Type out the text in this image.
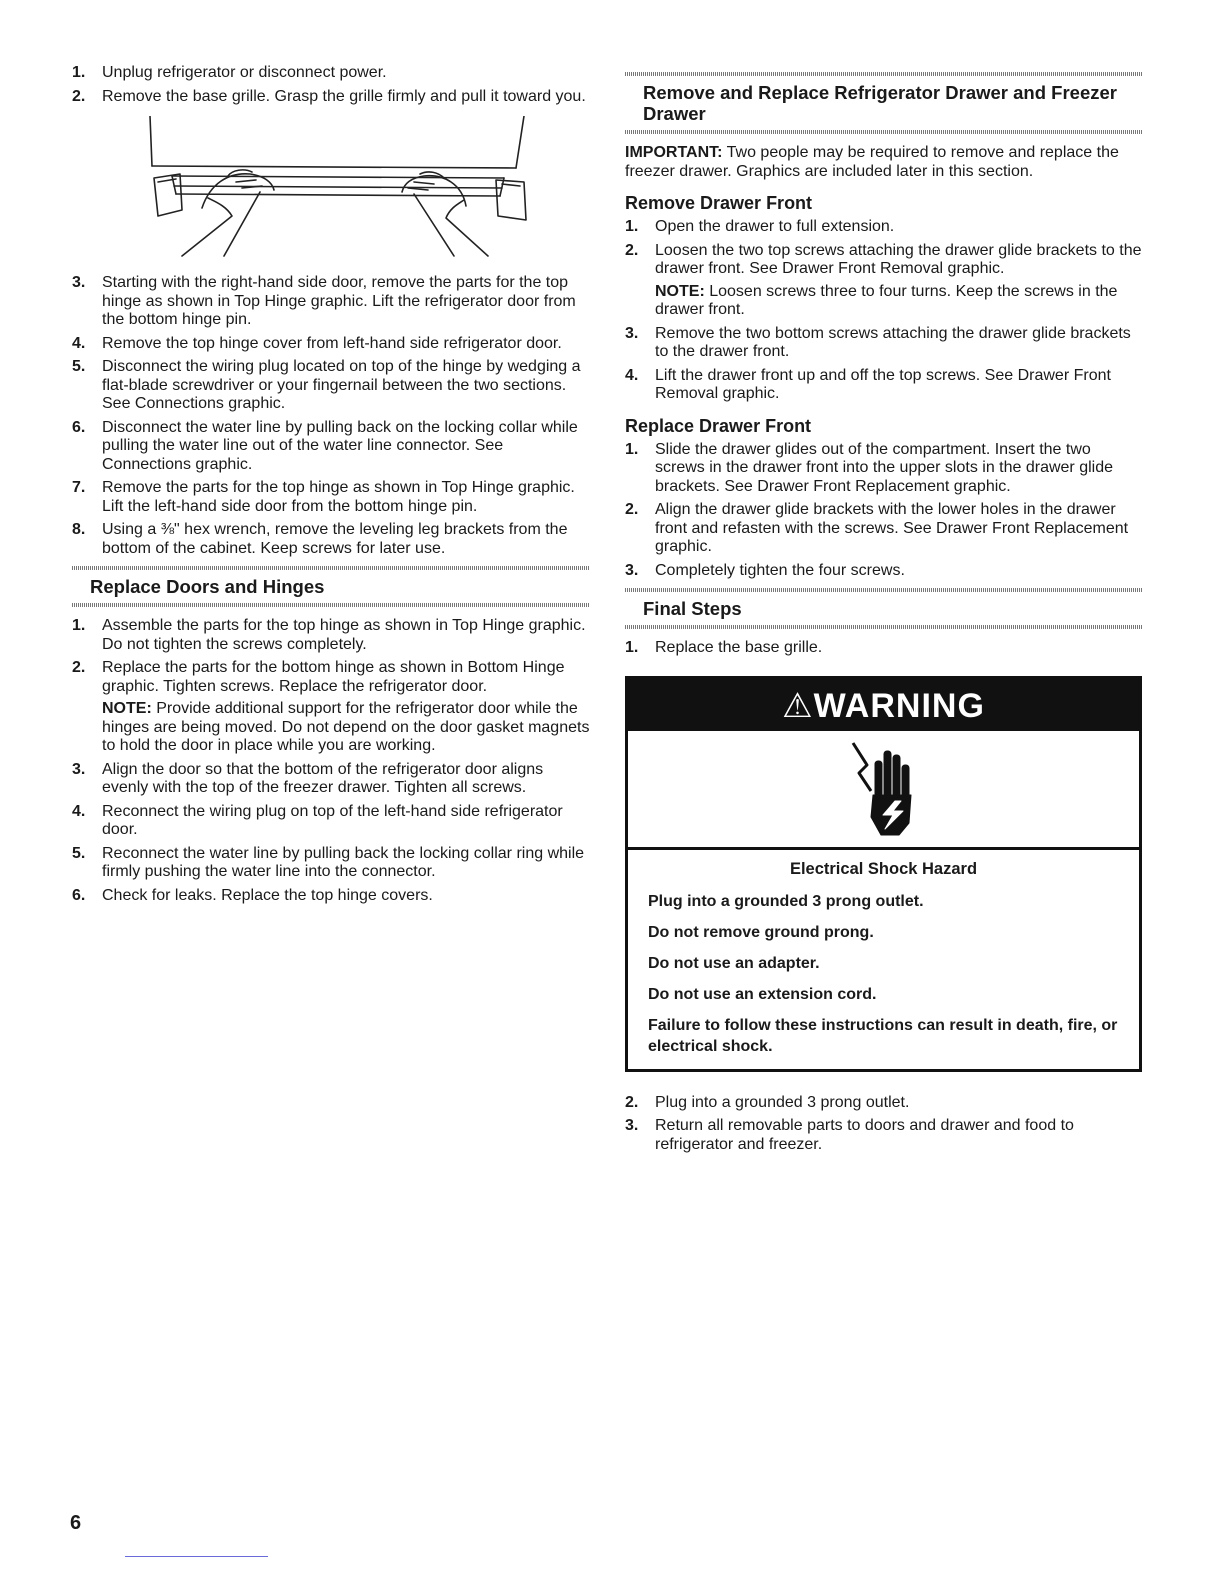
1.	Unplug refrigerator or disconnect power.
2.	Remove the base grille. Grasp the grille firmly and pull it toward you.
3.	Starting with the right-hand side door, remove the parts for the top hinge as shown in Top Hinge graphic. Lift the refrigerator door from the bottom hinge pin.
4.	Remove the top hinge cover from left-hand side refrigerator door.
5.	Disconnect the wiring plug located on top of the hinge by wedging a flat-blade screwdriver or your fingernail between the two sections. See Connections graphic.
6.	Disconnect the water line by pulling back on the locking collar while pulling the water line out of the water line connector. See Connections graphic.
7.	Remove the parts for the top hinge as shown in Top Hinge graphic. Lift the left-hand side door from the bottom hinge pin.
8.	Using a ⅜" hex wrench, remove the leveling leg brackets from the bottom of the cabinet. Keep screws for later use.
Replace Doors and Hinges
1.	Assemble the parts for the top hinge as shown in Top Hinge graphic. Do not tighten the screws completely.
2.	Replace the parts for the bottom hinge as shown in Bottom Hinge graphic. Tighten screws. Replace the refrigerator door.
NOTE: Provide additional support for the refrigerator door while the hinges are being moved. Do not depend on the door gasket magnets to hold the door in place while you are working.
3.	Align the door so that the bottom of the refrigerator door aligns evenly with the top of the freezer drawer. Tighten all screws.
4.	Reconnect the wiring plug on top of the left-hand side refrigerator door.
5.	Reconnect the water line by pulling back the locking collar ring while firmly pushing the water line into the connector.
6.	Check for leaks. Replace the top hinge covers.
Remove and Replace Refrigerator Drawer and Freezer Drawer

IMPORTANT: Two people may be required to remove and replace the freezer drawer. Graphics are included later in this section.

Remove Drawer Front
1.	Open the drawer to full extension.
2.	Loosen the two top screws attaching the drawer glide brackets to the drawer front. See Drawer Front Removal graphic.
NOTE: Loosen screws three to four turns. Keep the screws in the drawer front.
3.	Remove the two bottom screws attaching the drawer glide brackets to the drawer front.
4.	Lift the drawer front up and off the top screws. See Drawer Front Removal graphic.
Replace Drawer Front
1.	Slide the drawer glides out of the compartment. Insert the two screws in the drawer front into the upper slots in the drawer glide brackets. See Drawer Front Replacement graphic.
2.	Align the drawer glide brackets with the lower holes in the drawer front and refasten with the screws. See Drawer Front Replacement graphic.
3.	Completely tighten the four screws.
Final Steps
1.	Replace the base grille.
⚠WARNING
Electrical Shock Hazard

Plug into a grounded 3 prong outlet.

Do not remove ground prong.

Do not use an adapter.

Do not use an extension cord.

Failure to follow these instructions can result in death, fire, or electrical shock.

2.	Plug into a grounded 3 prong outlet.
3.	Return all removable parts to doors and drawer and food to refrigerator and freezer.
6
